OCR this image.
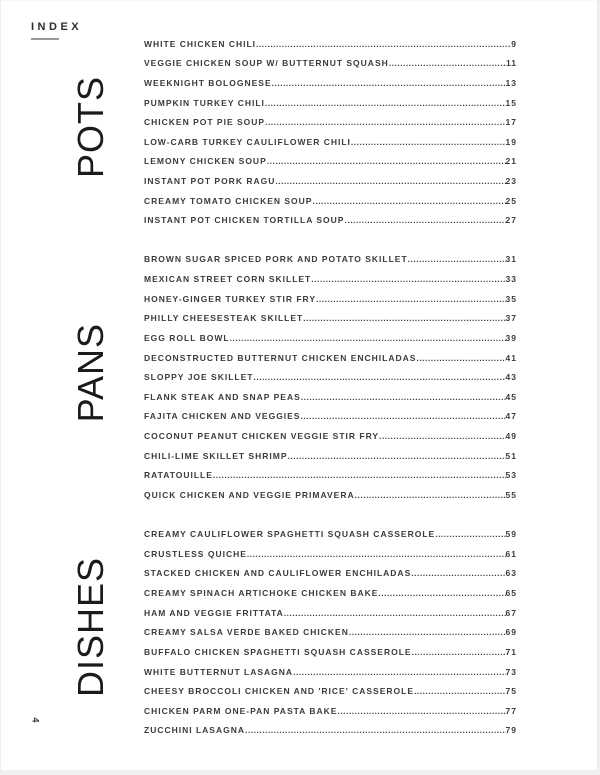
INDEX
POTS
WHITE CHICKEN CHILI .....	9
VEGGIE CHICKEN SOUP W/ BUTTERNUT SQUASH .....	11
WEEKNIGHT BOLOGNESE .....	13
PUMPKIN TURKEY CHILI .....	15
CHICKEN POT PIE SOUP .....	17
LOW-CARB TURKEY CAULIFLOWER CHILI .....	19
LEMONY CHICKEN SOUP .....	21
INSTANT POT PORK RAGU .....	23
CREAMY TOMATO CHICKEN SOUP .....	25
INSTANT POT CHICKEN TORTILLA SOUP .....	27
PANS
BROWN SUGAR SPICED PORK AND POTATO SKILLET .....	31
MEXICAN STREET CORN SKILLET .....	33
HONEY-GINGER TURKEY STIR FRY .....	35
PHILLY CHEESESTEAK SKILLET .....	37
EGG ROLL BOWL .....	39
DECONSTRUCTED BUTTERNUT CHICKEN ENCHILADAS .....	41
SLOPPY JOE SKILLET .....	43
FLANK STEAK AND SNAP PEAS .....	45
FAJITA CHICKEN AND VEGGIES .....	47
COCONUT PEANUT CHICKEN VEGGIE STIR FRY .....	49
CHILI-LIME SKILLET SHRIMP .....	51
RATATOUILLE .....	53
QUICK CHICKEN AND VEGGIE PRIMAVERA .....	55
DISHES
CREAMY CAULIFLOWER SPAGHETTI SQUASH CASSEROLE .....	59
CRUSTLESS QUICHE .....	61
STACKED CHICKEN AND CAULIFLOWER ENCHILADAS .....	63
CREAMY SPINACH ARTICHOKE CHICKEN BAKE .....	65
HAM AND VEGGIE FRITTATA .....	67
CREAMY SALSA VERDE BAKED CHICKEN .....	69
BUFFALO CHICKEN SPAGHETTI SQUASH CASSEROLE .....	71
WHITE BUTTERNUT LASAGNA .....	73
CHEESY BROCCOLI CHICKEN AND 'RICE' CASSEROLE .....	75
CHICKEN PARM ONE-PAN PASTA BAKE .....	77
ZUCCHINI LASAGNA .....	79
4
